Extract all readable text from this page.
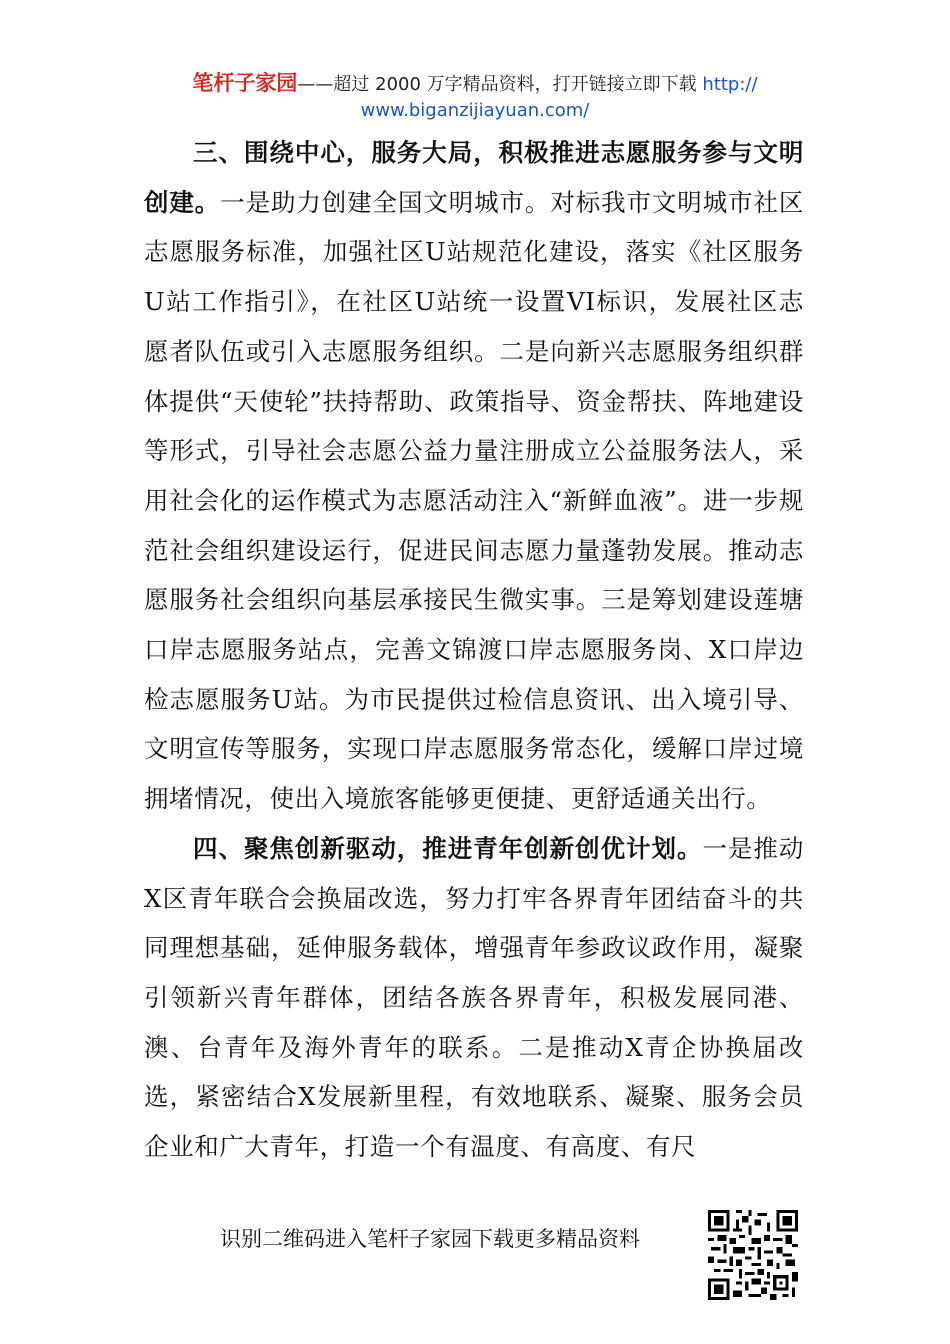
笔杆子家园——超过 2000 万字精品资料，打开链接立即下载 http://
www.biganzijiayuan.com/

三、围绕中心，服务大局，积极推进志愿服务参与文明创建。一是助力创建全国文明城市。对标我市文明城市社区志愿服务标准，加强社区U站规范化建设，落实《社区服务U站工作指引》，在社区U站统一设置VI标识，发展社区志愿者队伍或引入志愿服务组织。二是向新兴志愿服务组织群体提供“天使轮”扶持帮助、政策指导、资金帮扶、阵地建设等形式，引导社会志愿公益力量注册成立公益服务法人，采用社会化的运作模式为志愿活动注入“新鲜血液”。进一步规范社会组织建设运行，促进民间志愿力量蓬勃发展。推动志愿服务社会组织向基层承接民生微实事。三是筹划建设莲塘口岸志愿服务站点，完善文锦渡口岸志愿服务岗、X口岸边检志愿服务U站。为市民提供过检信息资讯、出入境引导、文明宣传等服务，实现口岸志愿服务常态化，缓解口岸过境拥堵情况，使出入境旅客能够更便捷、更舒适通关出行。

四、聚焦创新驱动，推进青年创新创优计划。一是推动X区青年联合会换届改选，努力打牢各界青年团结奋斗的共同理想基础，延伸服务载体，增强青年参政议政作用，凝聚引领新兴青年群体，团结各族各界青年，积极发展同港、澳、台青年及海外青年的联系。二是推动X青企协换届改选，紧密结合X发展新里程，有效地联系、凝聚、服务会员企业和广大青年，打造一个有温度、有高度、有尺

识别二维码进入笔杆子家园下载更多精品资料
